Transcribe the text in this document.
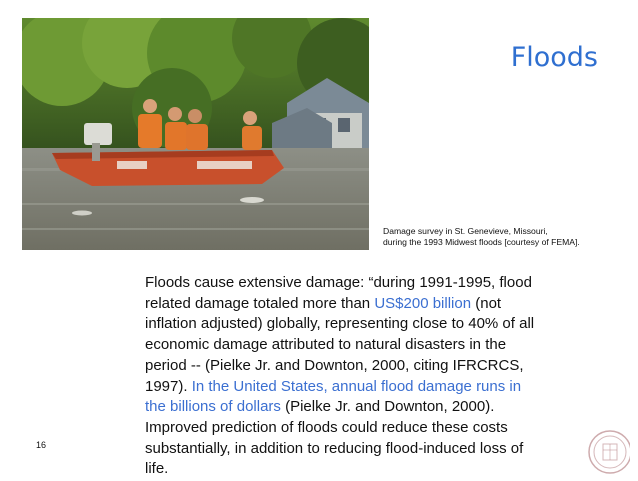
Floods
Damage survey in St. Genevieve, Missouri,
during the 1993 Midwest floods [courtesy of FEMA].
Floods cause extensive damage: “during 1991-1995, flood related damage totaled more than US$200 billion (not inflation adjusted) globally, representing close to 40% of all economic damage attributed to natural disasters in the period -- (Pielke Jr. and Downton, 2000, citing IFRCRCS, 1997). In the United States, annual flood damage runs in the billions of dollars (Pielke Jr. and Downton, 2000). Improved prediction of floods could reduce these costs substantially, in addition to reducing flood-induced loss of life.
16
